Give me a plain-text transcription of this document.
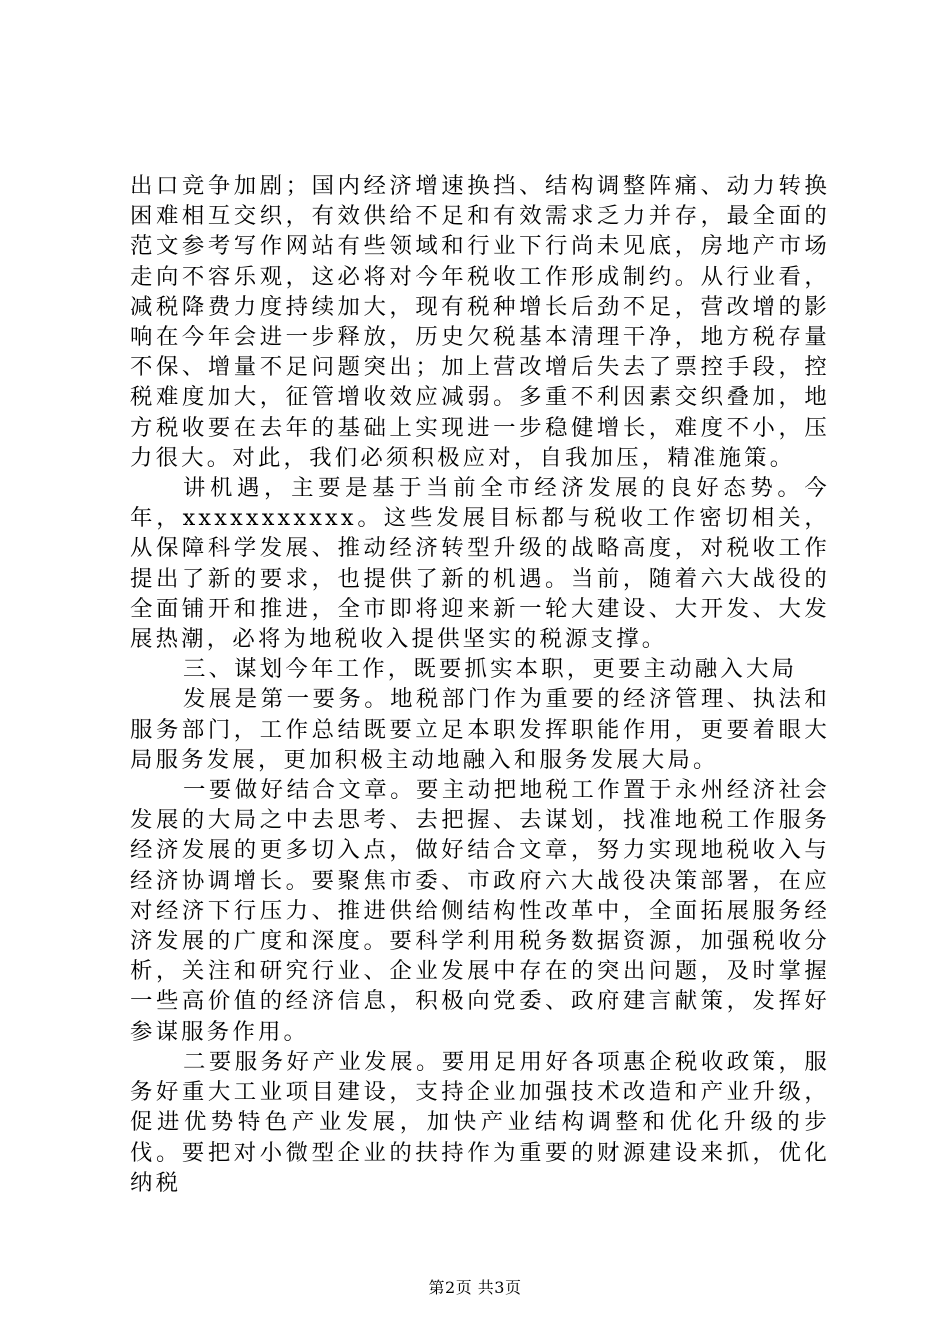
出口竞争加剧；国内经济增速换挡、结构调整阵痛、动力转换困难相互交织，有效供给不足和有效需求乏力并存，最全面的范文参考写作网站有些领域和行业下行尚未见底，房地产市场走向不容乐观，这必将对今年税收工作形成制约。从行业看，减税降费力度持续加大，现有税种增长后劲不足，营改增的影响在今年会进一步释放，历史欠税基本清理干净，地方税存量不保、增量不足问题突出；加上营改增后失去了票控手段，控税难度加大，征管增收效应减弱。多重不利因素交织叠加，地方税收要在去年的基础上实现进一步稳健增长，难度不小，压力很大。对此，我们必须积极应对，自我加压，精准施策。

讲机遇，主要是基于当前全市经济发展的良好态势。今年，xxxxxxxxxxx。这些发展目标都与税收工作密切相关，从保障科学发展、推动经济转型升级的战略高度，对税收工作提出了新的要求，也提供了新的机遇。当前，随着六大战役的全面铺开和推进，全市即将迎来新一轮大建设、大开发、大发展热潮，必将为地税收入提供坚实的税源支撑。

三、谋划今年工作，既要抓实本职，更要主动融入大局

发展是第一要务。地税部门作为重要的经济管理、执法和服务部门，工作总结既要立足本职发挥职能作用，更要着眼大局服务发展，更加积极主动地融入和服务发展大局。

一要做好结合文章。要主动把地税工作置于永州经济社会发展的大局之中去思考、去把握、去谋划，找准地税工作服务经济发展的更多切入点，做好结合文章，努力实现地税收入与经济协调增长。要聚焦市委、市政府六大战役决策部署，在应对经济下行压力、推进供给侧结构性改革中，全面拓展服务经济发展的广度和深度。要科学利用税务数据资源，加强税收分析，关注和研究行业、企业发展中存在的突出问题，及时掌握一些高价值的经济信息，积极向党委、政府建言献策，发挥好参谋服务作用。

二要服务好产业发展。要用足用好各项惠企税收政策，服务好重大工业项目建设，支持企业加强技术改造和产业升级，促进优势特色产业发展，加快产业结构调整和优化升级的步伐。要把对小微型企业的扶持作为重要的财源建设来抓，优化纳税

第2页 共3页
